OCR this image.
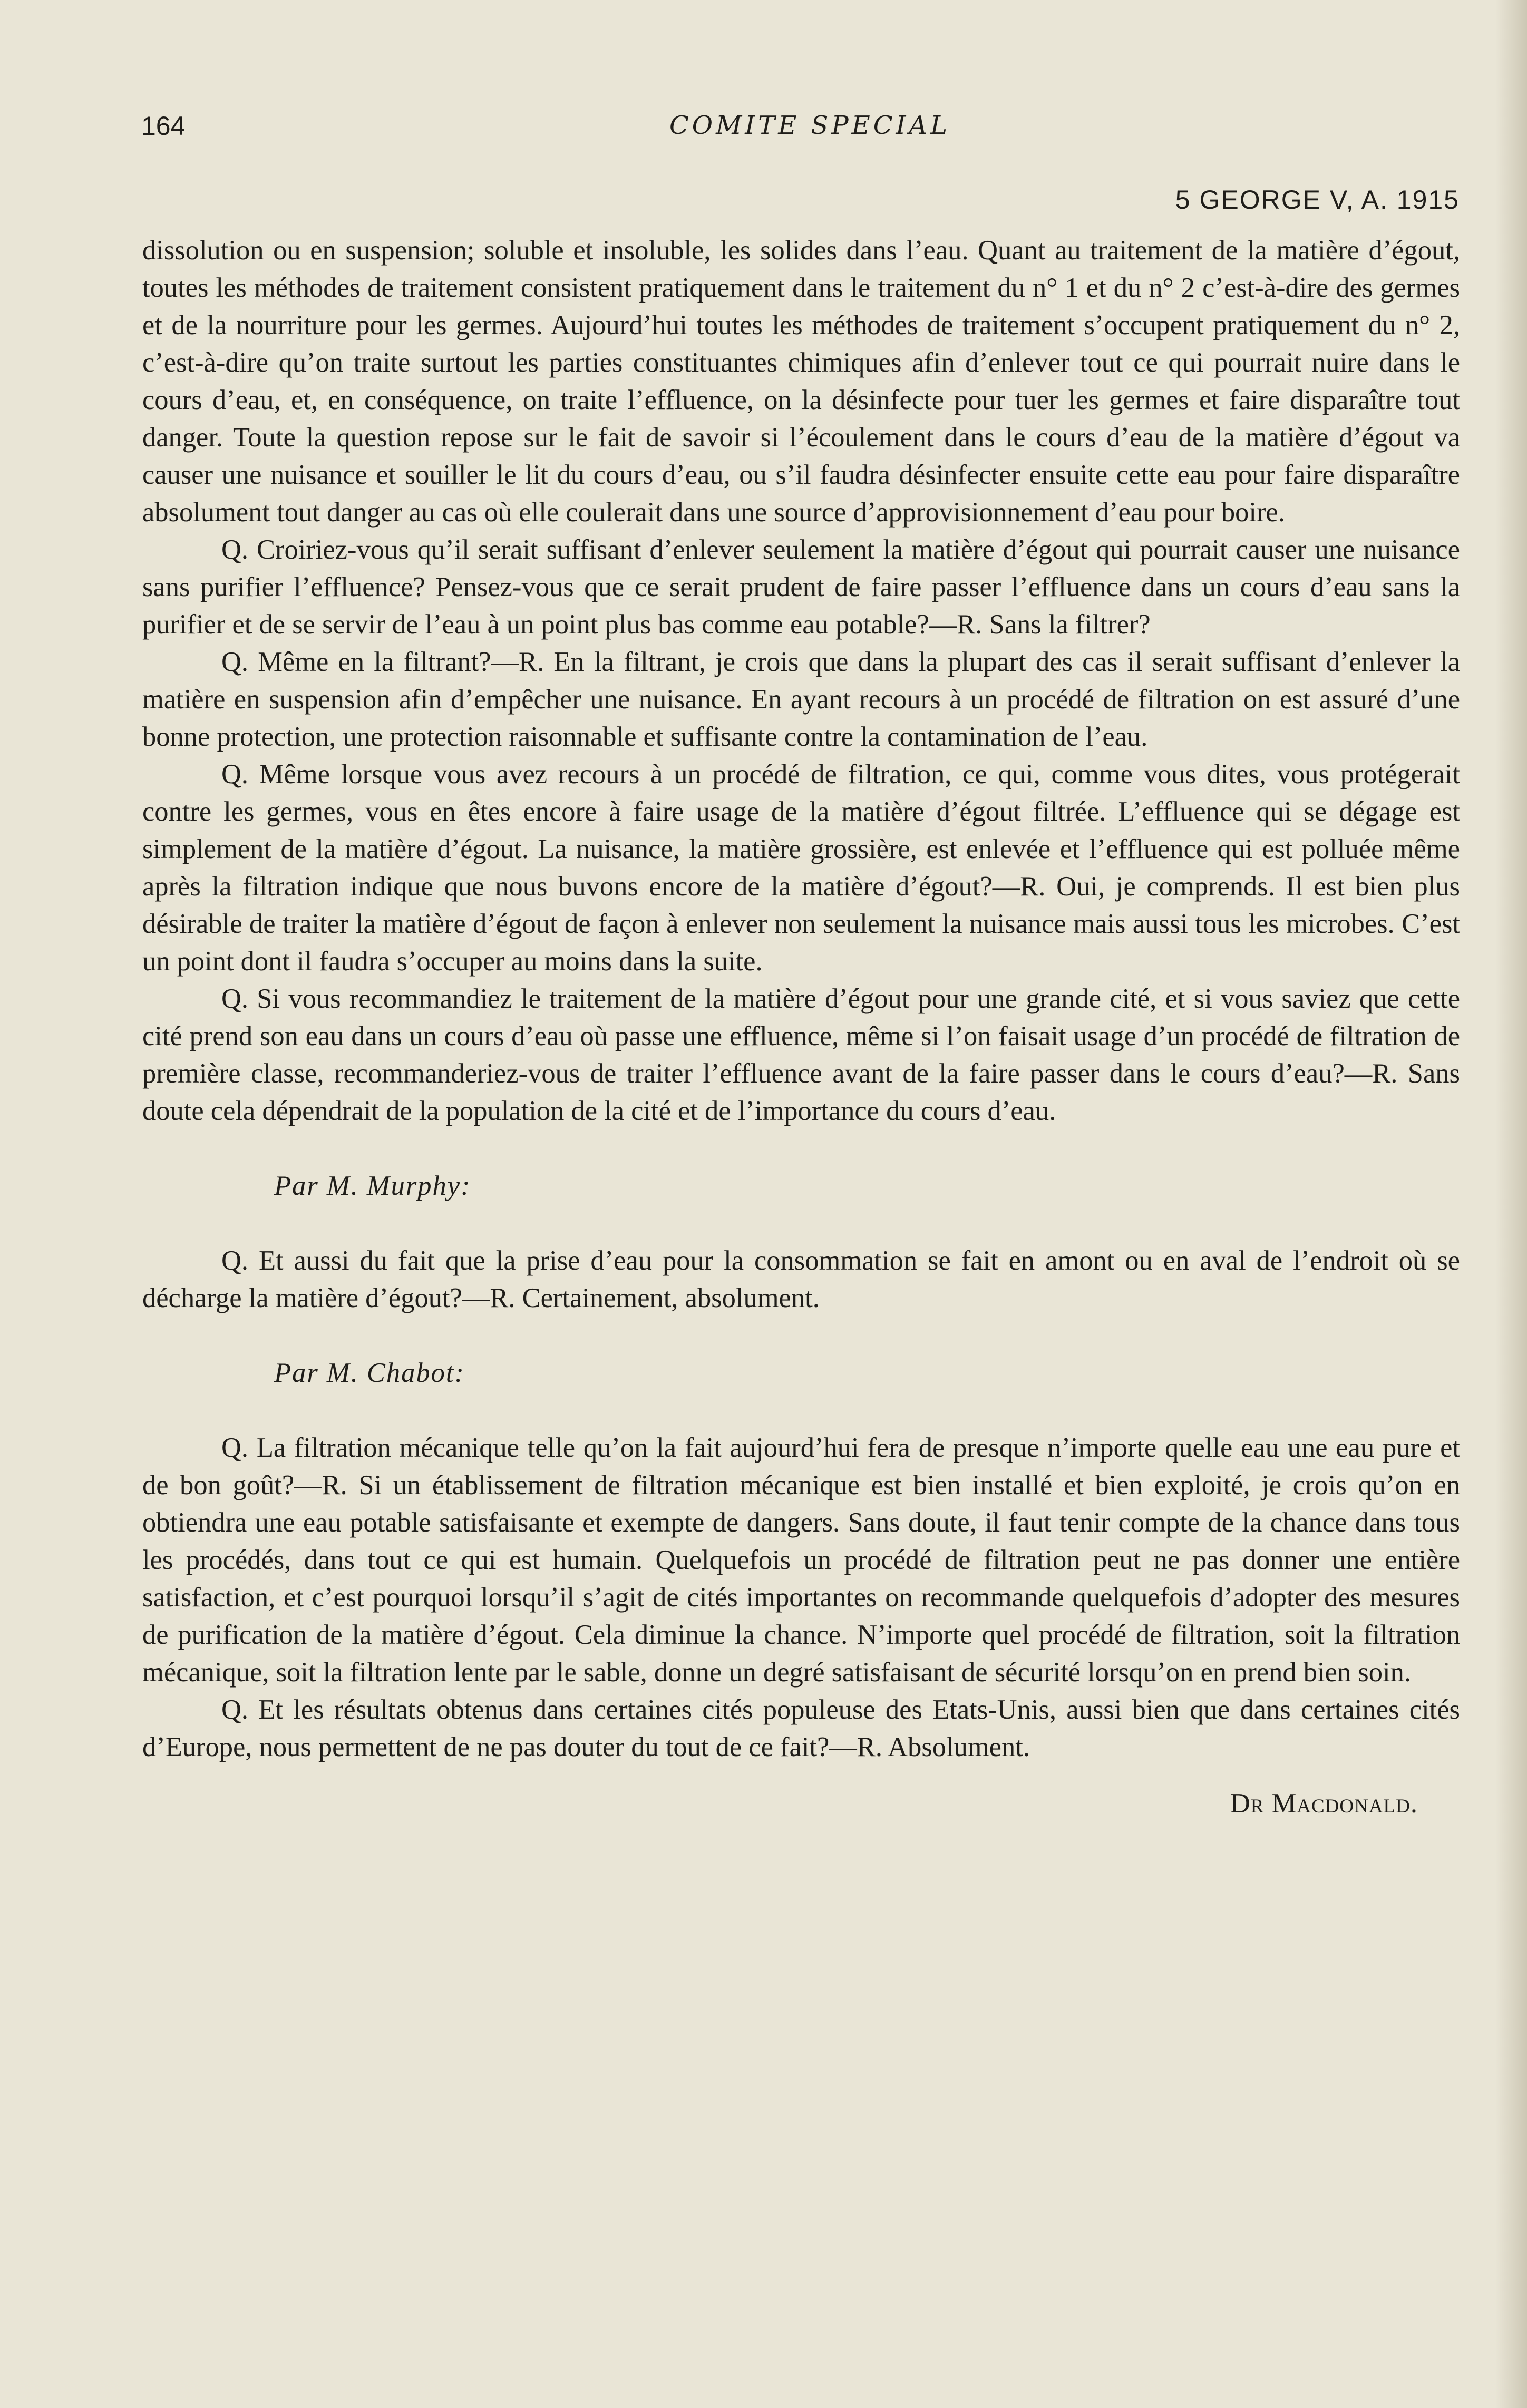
164	COMITE SPECIAL
5 GEORGE V, A. 1915

dissolution ou en suspension; soluble et insoluble, les solides dans l’eau. Quant au traitement de la matière d’égout, toutes les méthodes de traitement consistent pratiquement dans le traitement du n° 1 et du n° 2 c’est-à-dire des germes et de la nourriture pour les germes. Aujourd’hui toutes les méthodes de traitement s’occupent pratiquement du n° 2, c’est-à-dire qu’on traite surtout les parties constituantes chimiques afin d’enlever tout ce qui pourrait nuire dans le cours d’eau, et, en conséquence, on traite l’effluence, on la désinfecte pour tuer les germes et faire disparaître tout danger. Toute la question repose sur le fait de savoir si l’écoulement dans le cours d’eau de la matière d’égout va causer une nuisance et souiller le lit du cours d’eau, ou s’il faudra désinfecter ensuite cette eau pour faire disparaître absolument tout danger au cas où elle coulerait dans une source d’approvisionnement d’eau pour boire.

Q. Croiriez-vous qu’il serait suffisant d’enlever seulement la matière d’égout qui pourrait causer une nuisance sans purifier l’effluence? Pensez-vous que ce serait prudent de faire passer l’effluence dans un cours d’eau sans la purifier et de se servir de l’eau à un point plus bas comme eau potable?—R. Sans la filtrer?

Q. Même en la filtrant?—R. En la filtrant, je crois que dans la plupart des cas il serait suffisant d’enlever la matière en suspension afin d’empêcher une nuisance. En ayant recours à un procédé de filtration on est assuré d’une bonne protection, une protection raisonnable et suffisante contre la contamination de l’eau.

Q. Même lorsque vous avez recours à un procédé de filtration, ce qui, comme vous dites, vous protégerait contre les germes, vous en êtes encore à faire usage de la matière d’égout filtrée. L’effluence qui se dégage est simplement de la matière d’égout. La nuisance, la matière grossière, est enlevée et l’effluence qui est polluée même après la filtration indique que nous buvons encore de la matière d’égout?—R. Oui, je comprends. Il est bien plus désirable de traiter la matière d’égout de façon à enlever non seulement la nuisance mais aussi tous les microbes. C’est un point dont il faudra s’occuper au moins dans la suite.

Q. Si vous recommandiez le traitement de la matière d’égout pour une grande cité, et si vous saviez que cette cité prend son eau dans un cours d’eau où passe une effluence, même si l’on faisait usage d’un procédé de filtration de première classe, recommanderiez-vous de traiter l’effluence avant de la faire passer dans le cours d’eau?—R. Sans doute cela dépendrait de la population de la cité et de l’importance du cours d’eau.

Par M. Murphy:

Q. Et aussi du fait que la prise d’eau pour la consommation se fait en amont ou en aval de l’endroit où se décharge la matière d’égout?—R. Certainement, absolument.

Par M. Chabot:

Q. La filtration mécanique telle qu’on la fait aujourd’hui fera de presque n’importe quelle eau une eau pure et de bon goût?—R. Si un établissement de filtration mécanique est bien installé et bien exploité, je crois qu’on en obtiendra une eau potable satisfaisante et exempte de dangers. Sans doute, il faut tenir compte de la chance dans tous les procédés, dans tout ce qui est humain. Quelquefois un procédé de filtration peut ne pas donner une entière satisfaction, et c’est pourquoi lorsqu’il s’agit de cités importantes on recommande quelquefois d’adopter des mesures de purification de la matière d’égout. Cela diminue la chance. N’importe quel procédé de filtration, soit la filtration mécanique, soit la filtration lente par le sable, donne un degré satisfaisant de sécurité lorsqu’on en prend bien soin.

Q. Et les résultats obtenus dans certaines cités populeuse des Etats-Unis, aussi bien que dans certaines cités d’Europe, nous permettent de ne pas douter du tout de ce fait?—R. Absolument.

Dr Macdonald.
